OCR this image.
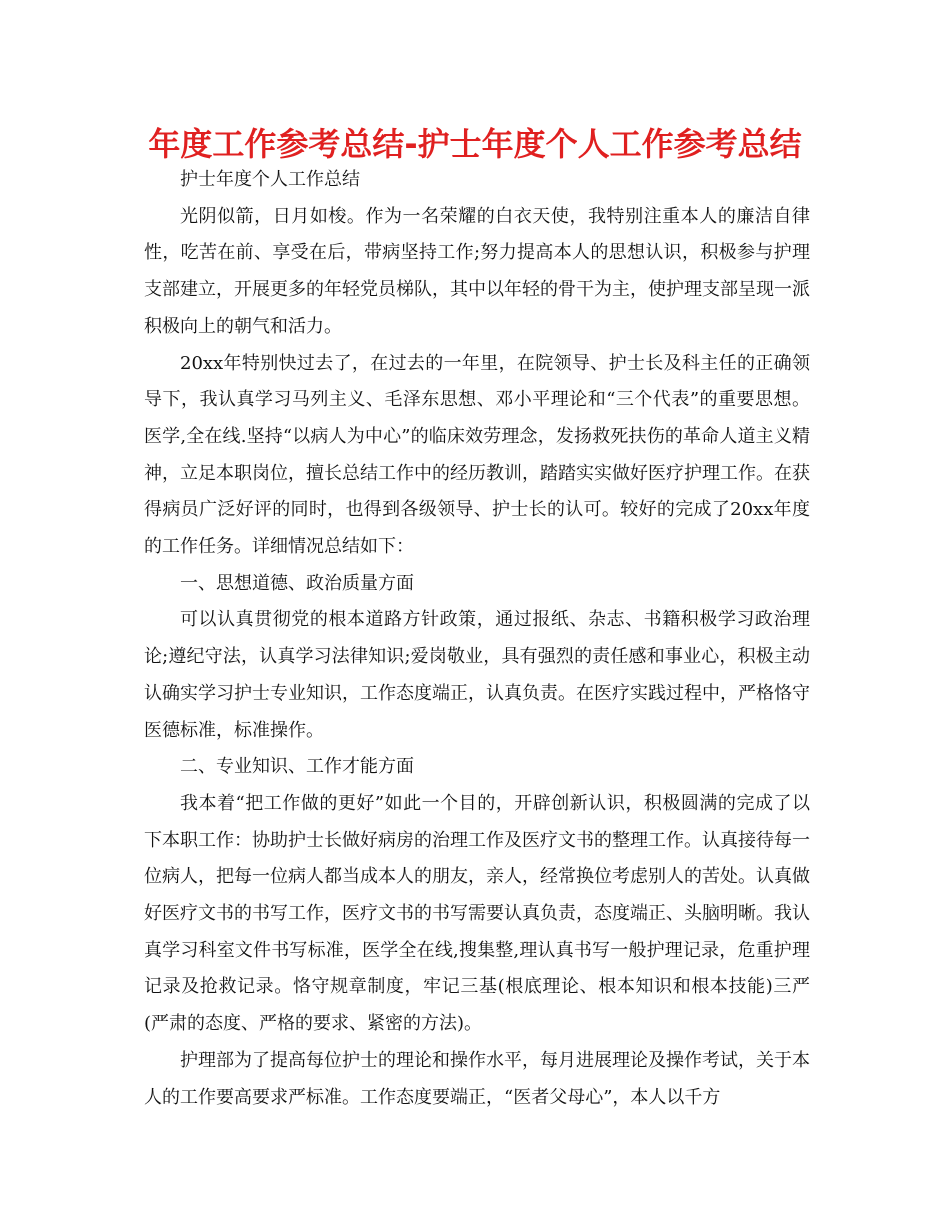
年度工作参考总结-护士年度个人工作参考总结

护士年度个人工作总结

光阴似箭，日月如梭。作为一名荣耀的白衣天使，我特别注重本人的廉洁自律性，吃苦在前、享受在后，带病坚持工作;努力提高本人的思想认识，积极参与护理支部建立，开展更多的年轻党员梯队，其中以年轻的骨干为主，使护理支部呈现一派积极向上的朝气和活力。

20xx年特别快过去了，在过去的一年里，在院领导、护士长及科主任的正确领导下，我认真学习马列主义、毛泽东思想、邓小平理论和“三个代表”的重要思想。医学,全在线.坚持“以病人为中心”的临床效劳理念，发扬救死扶伤的革命人道主义精神，立足本职岗位，擅长总结工作中的经历教训，踏踏实实做好医疗护理工作。在获得病员广泛好评的同时，也得到各级领导、护士长的认可。较好的完成了20xx年度的工作任务。详细情况总结如下：

一、思想道德、政治质量方面

可以认真贯彻党的根本道路方针政策，通过报纸、杂志、书籍积极学习政治理论;遵纪守法，认真学习法律知识;爱岗敬业，具有强烈的责任感和事业心，积极主动认确实学习护士专业知识，工作态度端正，认真负责。在医疗实践过程中，严格恪守医德标准，标准操作。

二、专业知识、工作才能方面

我本着“把工作做的更好”如此一个目的，开辟创新认识，积极圆满的完成了以下本职工作：协助护士长做好病房的治理工作及医疗文书的整理工作。认真接待每一位病人，把每一位病人都当成本人的朋友，亲人，经常换位考虑别人的苦处。认真做好医疗文书的书写工作，医疗文书的书写需要认真负责，态度端正、头脑明晰。我认真学习科室文件书写标准，医学全在线,搜集整,理认真书写一般护理记录，危重护理记录及抢救记录。恪守规章制度，牢记三基(根底理论、根本知识和根本技能)三严(严肃的态度、严格的要求、紧密的方法)。

护理部为了提高每位护士的理论和操作水平，每月进展理论及操作考试，关于本人的工作要高要求严标准。工作态度要端正，“医者父母心”，本人以千方
